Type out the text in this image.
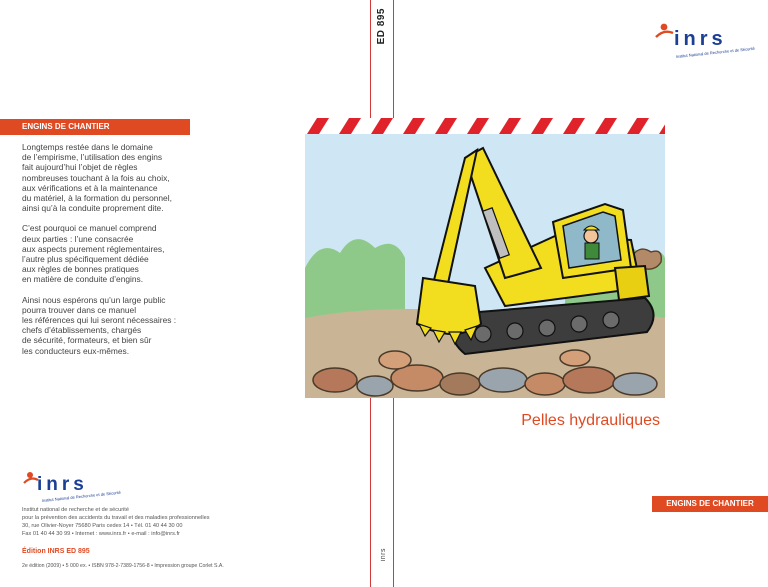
ED 895
inrs
ENGINS DE CHANTIER

Longtemps restée dans le domaine
de l’empirisme, l’utilisation des engins
fait aujourd’hui l’objet de règles
nombreuses touchant à la fois au choix,
aux vérifications et à la maintenance
du matériel, à la formation du personnel,
ainsi qu’à la conduite proprement dite.

C’est pourquoi ce manuel comprend
deux parties : l’une consacrée
aux aspects purement réglementaires,
l’autre plus spécifiquement dédiée
aux règles de bonnes pratiques
en matière de conduite d’engins.

Ainsi nous espérons qu’un large public
pourra trouver dans ce manuel
les références qui lui seront nécessaires :
chefs d’établissements, chargés
de sécurité, formateurs, et bien sûr
les conducteurs eux-mêmes.

inrs
Institut National de Recherche et de Sécurité
Institut national de recherche et de sécurité
pour la prévention des accidents du travail et des maladies professionnelles
30, rue Olivier-Noyer 75680 Paris cedex 14 • Tél. 01 40 44 30 00
Fax 01 40 44 30 99 • Internet : www.inrs.fr • e-mail : info@inrs.fr
Édition INRS ED 895
2e édition (2009) • 5 000 ex. • ISBN 978-2-7389-1756-8 • Impression groupe Corlet S.A.
inrs
Institut National de Recherche et de Sécurité
Pelles hydrauliques
ENGINS DE CHANTIER
